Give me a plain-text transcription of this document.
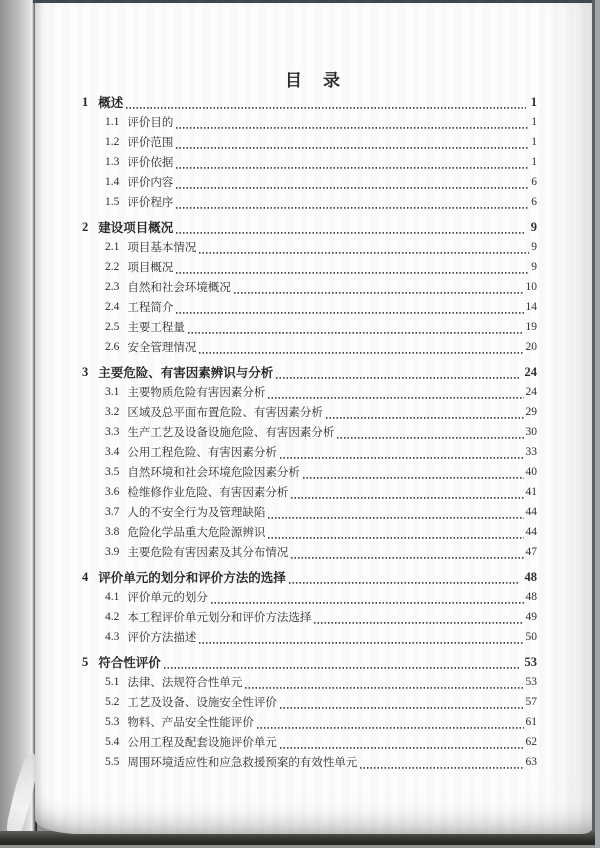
目　录
1 概述	1
1.1 评价目的	1
1.2 评价范围	1
1.3 评价依据	1
1.4 评价内容	6
1.5 评价程序	6
2 建设项目概况	9
2.1 项目基本情况	9
2.2 项目概况	9
2.3 自然和社会环境概况	10
2.4 工程简介	14
2.5 主要工程量	19
2.6 安全管理情况	20
3 主要危险、有害因素辨识与分析	24
3.1 主要物质危险有害因素分析	24
3.2 区域及总平面布置危险、有害因素分析	29
3.3 生产工艺及设备设施危险、有害因素分析	30
3.4 公用工程危险、有害因素分析	33
3.5 自然环境和社会环境危险因素分析	40
3.6 检维修作业危险、有害因素分析	41
3.7 人的不安全行为及管理缺陷	44
3.8 危险化学品重大危险源辨识	44
3.9 主要危险有害因素及其分布情况	47
4 评价单元的划分和评价方法的选择	48
4.1 评价单元的划分	48
4.2 本工程评价单元划分和评价方法选择	49
4.3 评价方法描述	50
5 符合性评价	53
5.1 法律、法规符合性单元	53
5.2 工艺及设备、设施安全性评价	57
5.3 物料、产品安全性能评价	61
5.4 公用工程及配套设施评价单元	62
5.5 周围环境适应性和应急救援预案的有效性单元	63
